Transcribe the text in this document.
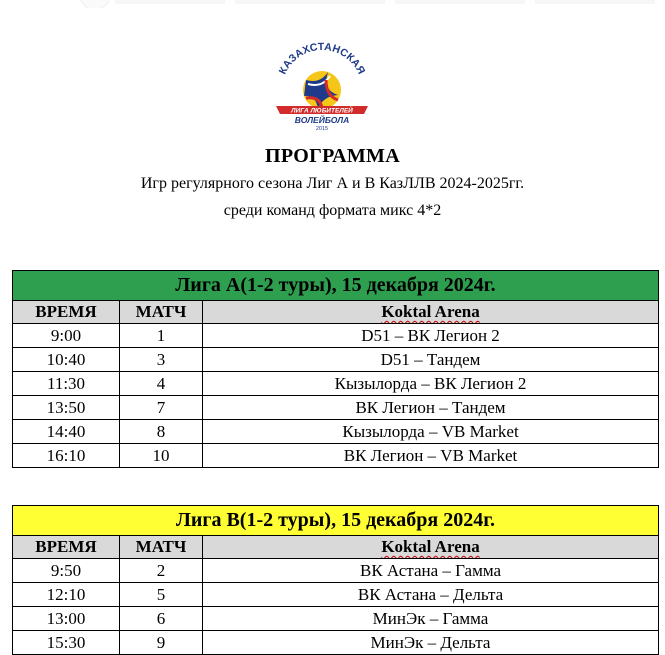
КАЗАХСТАНСКАЯ
ЛИГА ЛЮБИТЕЛЕЙ
ВОЛЕЙБОЛА
2015
ПРОГРАММА
Игр регулярного сезона Лиг А и В КазЛЛВ 2024-2025гг.
среди команд формата микс 4*2
Лига А(1-2 туры), 15 декабря 2024г.		
ВРЕМЯ	МАТЧ	Koktal Arena
9:00	1	D51 – ВК Легион 2
10:40	3	D51 – Тандем
11:30	4	Кызылорда – ВК Легион 2
13:50	7	ВК Легион – Тандем
14:40	8	Кызылорда – VB Market
16:10	10	ВК Легион – VB Market
Лига В(1-2 туры), 15 декабря 2024г.		
ВРЕМЯ	МАТЧ	Koktal Arena
9:50	2	ВК Астана – Гамма
12:10	5	ВК Астана – Дельта
13:00	6	МинЭк – Гамма
15:30	9	МинЭк – Дельта
